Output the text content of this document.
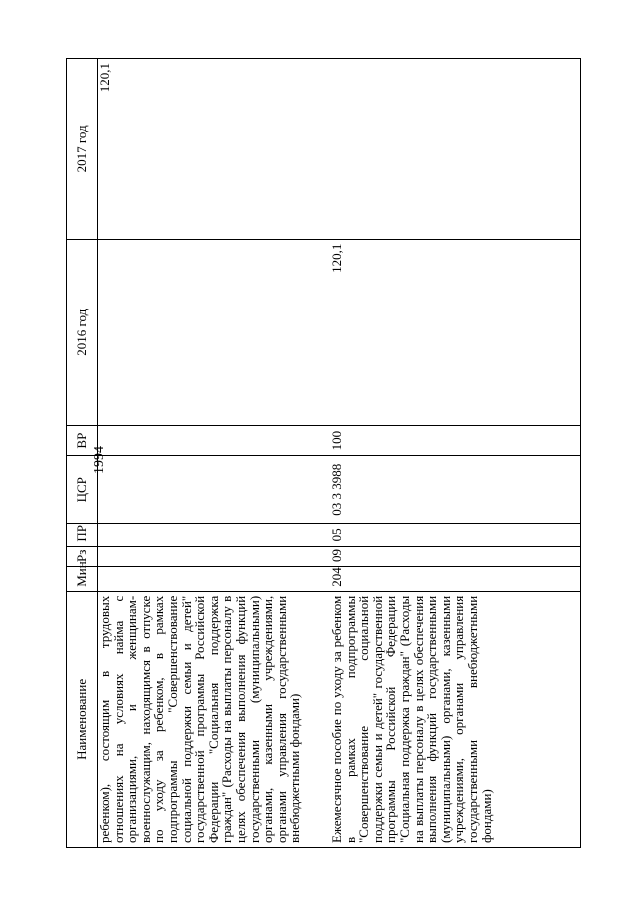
1994
Наименование	Мин	Рз	ПР	ЦСР	ВР	2016 год	2017 год
ребенком), состоящим в трудовых отношениях на условиях найма с организациями, и женщинам-военнослужащим, находящимся в отпуске по уходу за ребенком, в рамках подпрограммы "Совершенствование социальной поддержки семьи и детей" государственной программы Российской Федерации "Социальная поддержка граждан" (Расходы на выплаты персоналу в целях обеспечения выполнения функций государственными (муниципальными) органами, казенными учреждениями, органами управления государственными внебюджетными фондами)							120,1
Ежемесячное пособие по уходу за ребенком в рамках подпрограммы "Совершенствование социальной поддержки семьи и детей" государственной программы Российской Федерации "Социальная поддержка граждан" (Расходы на выплаты персоналу в целях обеспечения выполнения функций государственными (муниципальными) органами, казенными учреждениями, органами управления государственными внебюджетными фондами)	204	09	05	03 3 3988	100	120,1	
